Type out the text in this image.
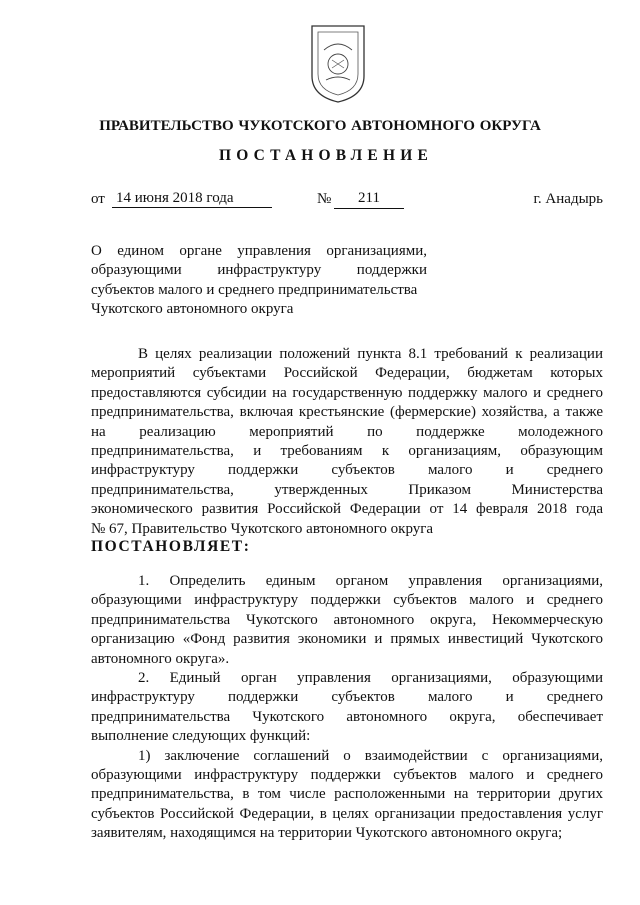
ПРАВИТЕЛЬСТВО ЧУКОТСКОГО АВТОНОМНОГО ОКРУГА
ПОСТАНОВЛЕНИЕ
от 14 июня 2018 года	№	211	г. Анадырь
О едином органе управления организациями,
образующими инфраструктуру поддержки
субъектов малого и среднего предпринимательства
Чукотского автономного округа
В целях реализации положений пункта 8.1 требований к реализации
мероприятий субъектами Российской Федерации, бюджетам которых
предоставляются субсидии на государственную поддержку малого и среднего
предпринимательства, включая крестьянские (фермерские) хозяйства, а также
на реализацию мероприятий по поддержке молодежного
предпринимательства, и требованиям к организациям, образующим
инфраструктуру поддержки субъектов малого и среднего
предпринимательства, утвержденных Приказом Министерства
экономического развития Российской Федерации от 14 февраля 2018 года
№ 67, Правительство Чукотского автономного округа
ПОСТАНОВЛЯЕТ:
1. Определить единым органом управления организациями,
образующими инфраструктуру поддержки субъектов малого и среднего
предпринимательства Чукотского автономного округа, Некоммерческую
организацию «Фонд развития экономики и прямых инвестиций Чукотского
автономного округа».
2. Единый орган управления организациями, образующими
инфраструктуру поддержки субъектов малого и среднего
предпринимательства Чукотского автономного округа, обеспечивает
выполнение следующих функций:
1) заключение соглашений о взаимодействии с организациями,
образующими инфраструктуру поддержки субъектов малого и среднего
предпринимательства, в том числе расположенными на территории других
субъектов Российской Федерации, в целях организации предоставления услуг
заявителям, находящимся на территории Чукотского автономного округа;
